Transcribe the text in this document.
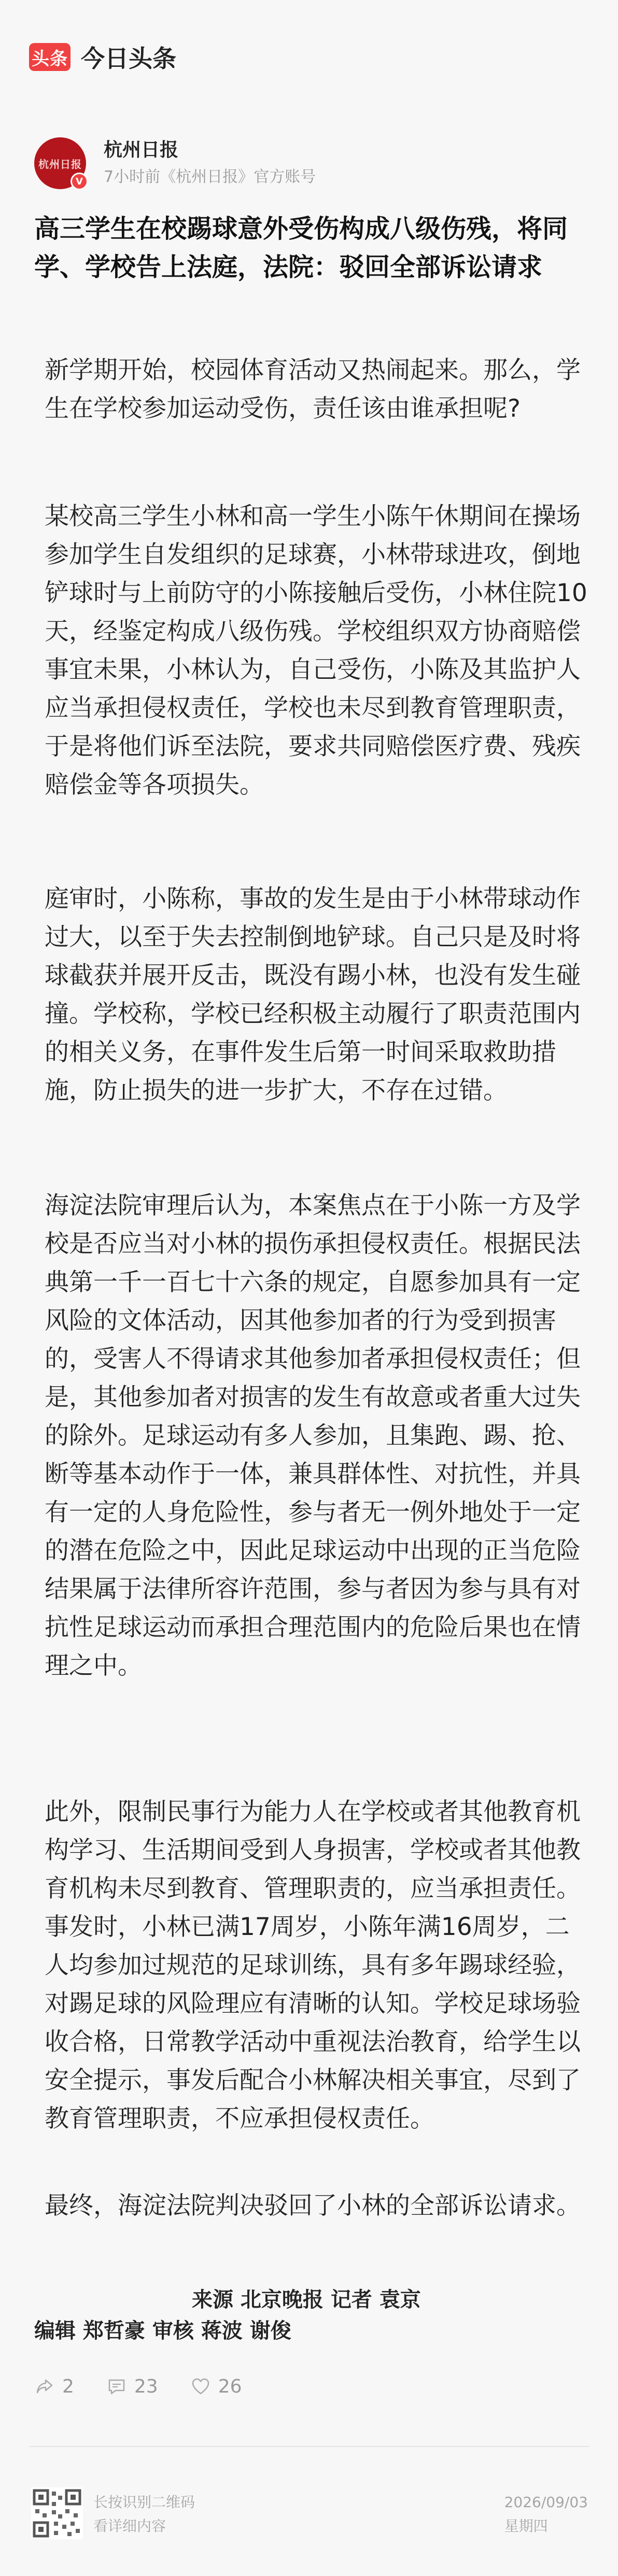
头条 今日头条
杭州日报
V
杭州日报
7小时前《杭州日报》官方账号
高三学生在校踢球意外受伤构成八级伤残，将同学、学校告上法庭，法院：驳回全部诉讼请求

新学期开始，校园体育活动又热闹起来。那么，学生在学校参加运动受伤，责任该由谁承担呢?

某校高三学生小林和高一学生小陈午休期间在操场参加学生自发组织的足球赛，小林带球进攻，倒地铲球时与上前防守的小陈接触后受伤，小林住院10天，经鉴定构成八级伤残。学校组织双方协商赔偿事宜未果，小林认为，自己受伤，小陈及其监护人应当承担侵权责任，学校也未尽到教育管理职责，于是将他们诉至法院，要求共同赔偿医疗费、残疾赔偿金等各项损失。

庭审时，小陈称，事故的发生是由于小林带球动作过大，以至于失去控制倒地铲球。自己只是及时将球截获并展开反击，既没有踢小林，也没有发生碰撞。学校称，学校已经积极主动履行了职责范围内的相关义务，在事件发生后第一时间采取救助措施，防止损失的进一步扩大，不存在过错。

海淀法院审理后认为，本案焦点在于小陈一方及学校是否应当对小林的损伤承担侵权责任。根据民法典第一千一百七十六条的规定，自愿参加具有一定风险的文体活动，因其他参加者的行为受到损害的，受害人不得请求其他参加者承担侵权责任；但是，其他参加者对损害的发生有故意或者重大过失的除外。足球运动有多人参加，且集跑、踢、抢、断等基本动作于一体，兼具群体性、对抗性，并具有一定的人身危险性，参与者无一例外地处于一定的潜在危险之中，因此足球运动中出现的正当危险结果属于法律所容许范围，参与者因为参与具有对抗性足球运动而承担合理范围内的危险后果也在情理之中。

此外，限制民事行为能力人在学校或者其他教育机构学习、生活期间受到人身损害，学校或者其他教育机构未尽到教育、管理职责的，应当承担责任。事发时，小林已满17周岁，小陈年满16周岁，二人均参加过规范的足球训练，具有多年踢球经验，对踢足球的风险理应有清晰的认知。学校足球场验收合格，日常教学活动中重视法治教育，给学生以安全提示，事发后配合小林解决相关事宜，尽到了教育管理职责，不应承担侵权责任。

最终，海淀法院判决驳回了小林的全部诉讼请求。

来源 北京晚报 记者 袁京
编辑 郑哲豪 审核 蒋波 谢俊
2	23	26
长按识别二维码
看详细内容
2026/09/03
星期四
